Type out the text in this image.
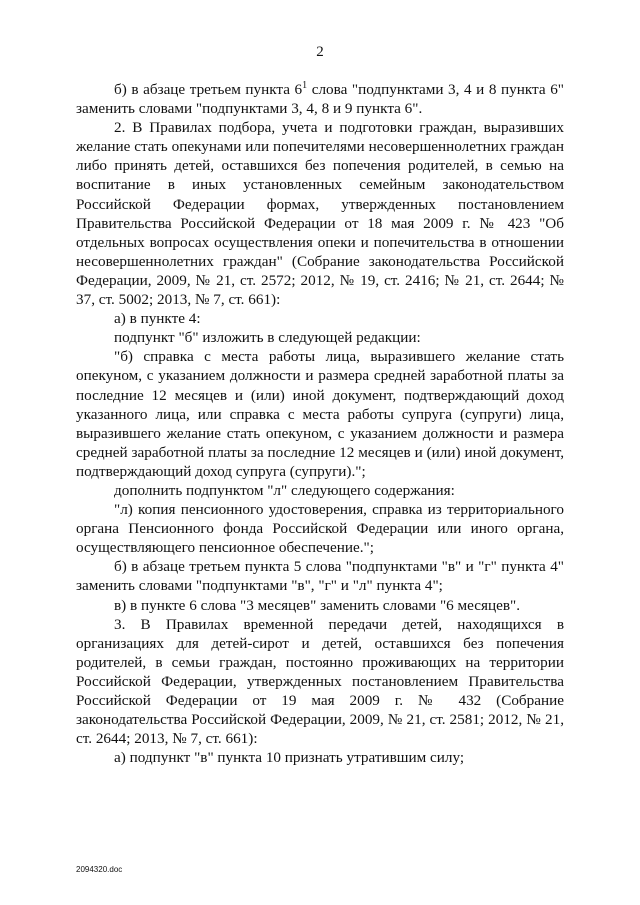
2

б) в абзаце третьем пункта $6^1$ слова "подпунктами 3, 4 и 8 пункта 6" заменить словами "подпунктами 3, 4, 8 и 9 пункта 6".

2. В Правилах подбора, учета и подготовки граждан, выразивших желание стать опекунами или попечителями несовершеннолетних граждан либо принять детей, оставшихся без попечения родителей, в семью на воспитание в иных установленных семейным законодательством Российской Федерации формах, утвержденных постановлением Правительства Российской Федерации от 18 мая 2009 г. № 423 "Об отдельных вопросах осуществления опеки и попечительства в отношении несовершеннолетних граждан" (Собрание законодательства Российской Федерации, 2009, № 21, ст. 2572; 2012, № 19, ст. 2416; № 21, ст. 2644; № 37, ст. 5002; 2013, № 7, ст. 661):

а) в пункте 4:

подпункт "б" изложить в следующей редакции:

"б) справка с места работы лица, выразившего желание стать опекуном, с указанием должности и размера средней заработной платы за последние 12 месяцев и (или) иной документ, подтверждающий доход указанного лица, или справка с места работы супруга (супруги) лица, выразившего желание стать опекуном, с указанием должности и размера средней заработной платы за последние 12 месяцев и (или) иной документ, подтверждающий доход супруга (супруги).";

дополнить подпунктом "л" следующего содержания:

"л) копия пенсионного удостоверения, справка из территориального органа Пенсионного фонда Российской Федерации или иного органа, осуществляющего пенсионное обеспечение.";

б) в абзаце третьем пункта 5 слова "подпунктами "в" и "г" пункта 4" заменить словами "подпунктами "в", "г" и "л" пункта 4";

в) в пункте 6 слова "3 месяцев" заменить словами "6 месяцев".

3. В Правилах временной передачи детей, находящихся в организациях для детей-сирот и детей, оставшихся без попечения родителей, в семьи граждан, постоянно проживающих на территории Российской Федерации, утвержденных постановлением Правительства Российской Федерации от 19 мая 2009 г. № 432 (Собрание законодательства Российской Федерации, 2009, № 21, ст. 2581; 2012, № 21, ст. 2644; 2013, № 7, ст. 661):

а) подпункт "в" пункта 10 признать утратившим силу;

2094320.doc
